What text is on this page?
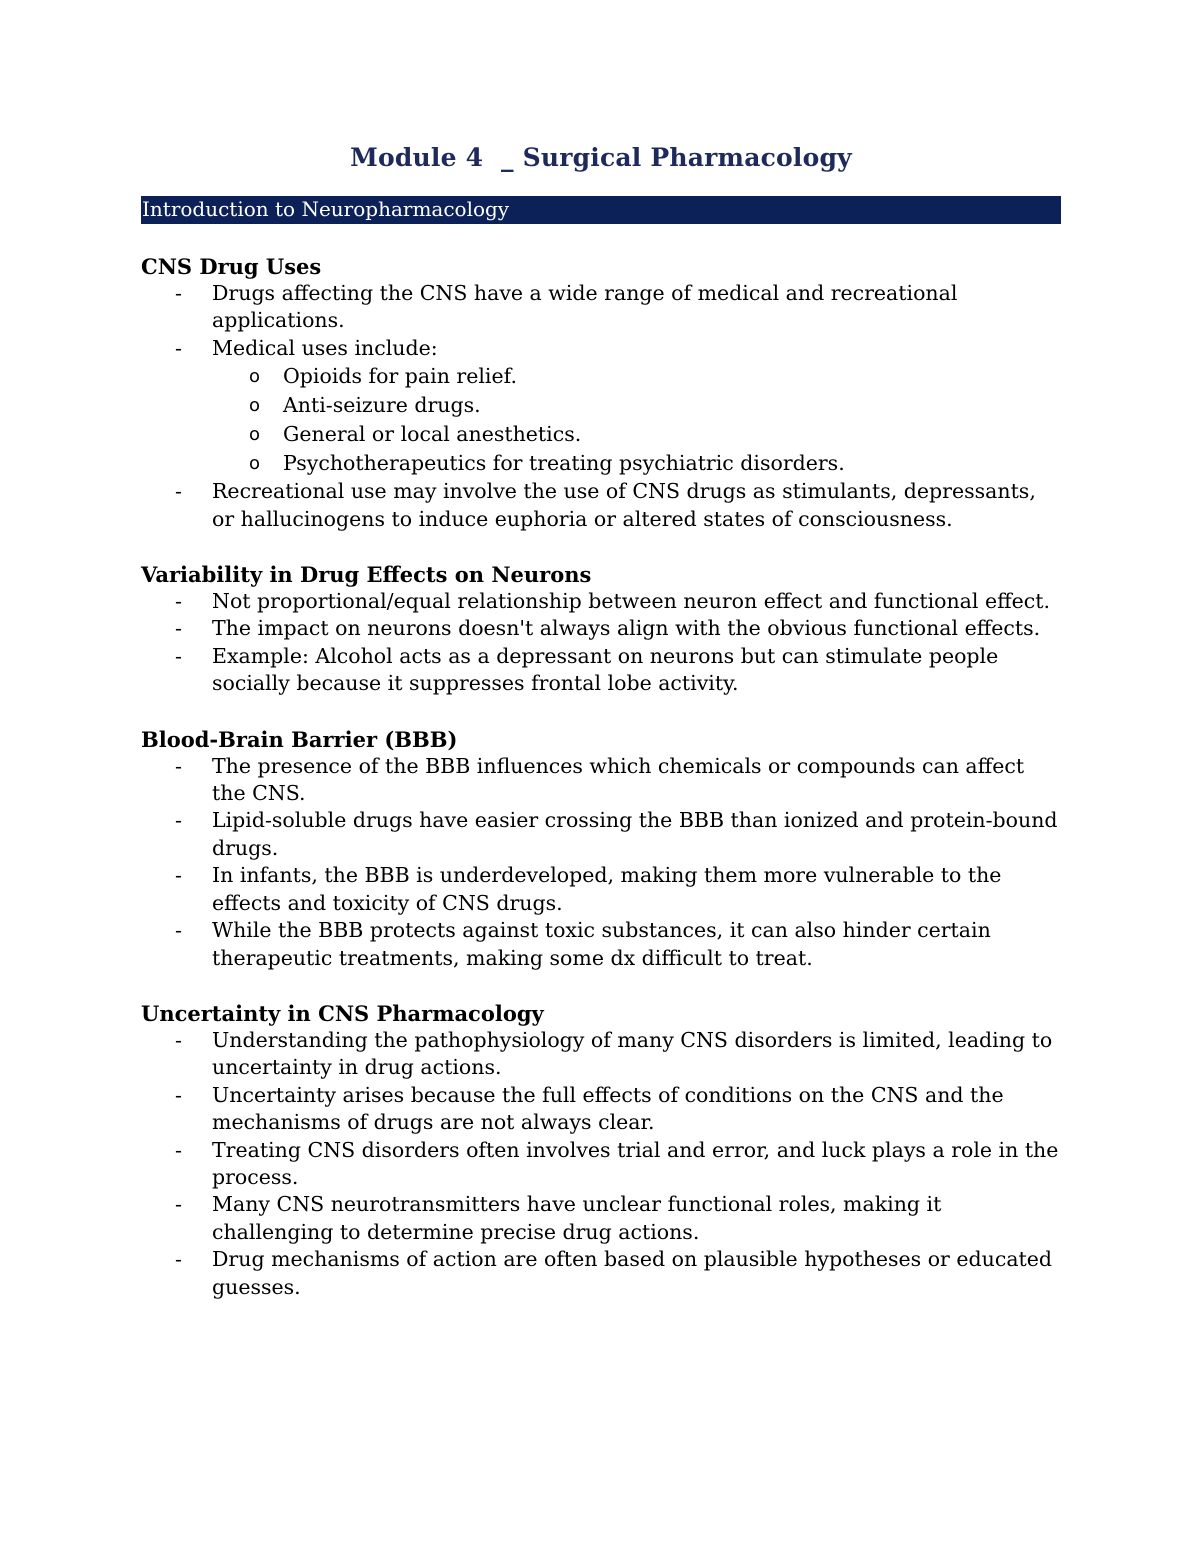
Module 4  _ Surgical Pharmacology
Introduction to Neuropharmacology
CNS Drug Uses
- Drugs affecting the CNS have a wide range of medical and recreational applications.
- Medical uses include:
o Opioids for pain relief.
o Anti-seizure drugs.
o General or local anesthetics.
o Psychotherapeutics for treating psychiatric disorders.
- Recreational use may involve the use of CNS drugs as stimulants, depressants, or hallucinogens to induce euphoria or altered states of consciousness.
Variability in Drug Effects on Neurons
- Not proportional/equal relationship between neuron effect and functional effect.
- The impact on neurons doesn't always align with the obvious functional effects.
- Example: Alcohol acts as a depressant on neurons but can stimulate people socially because it suppresses frontal lobe activity.
Blood-Brain Barrier (BBB)
- The presence of the BBB influences which chemicals or compounds can affect the CNS.
- Lipid-soluble drugs have easier crossing the BBB than ionized and protein-bound drugs.
- In infants, the BBB is underdeveloped, making them more vulnerable to the effects and toxicity of CNS drugs.
- While the BBB protects against toxic substances, it can also hinder certain therapeutic treatments, making some dx difficult to treat.
Uncertainty in CNS Pharmacology
- Understanding the pathophysiology of many CNS disorders is limited, leading to uncertainty in drug actions.
- Uncertainty arises because the full effects of conditions on the CNS and the mechanisms of drugs are not always clear.
- Treating CNS disorders often involves trial and error, and luck plays a role in the process.
- Many CNS neurotransmitters have unclear functional roles, making it challenging to determine precise drug actions.
- Drug mechanisms of action are often based on plausible hypotheses or educated guesses.
